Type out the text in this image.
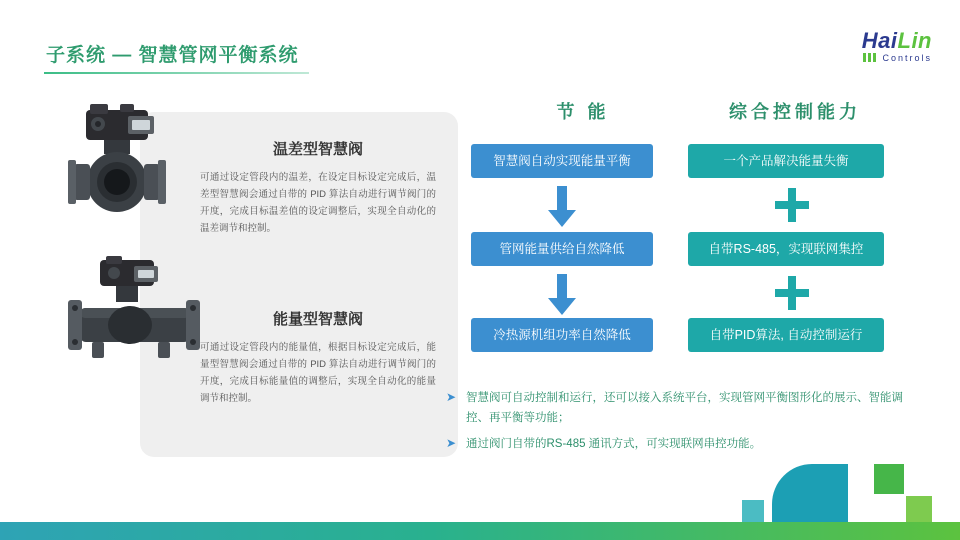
子系统 — 智慧管网平衡系统
HaiLin
Controls
温差型智慧阀
可通过设定管段内的温差，在设定目标设定完成后，温差型智慧阀会通过自带的 PID 算法自动进行调节阀门的开度，完成目标温差值的设定调整后，实现全自动化的温差调节和控制。
能量型智慧阀
可通过设定管段内的能量值，根据目标设定完成后，能量型智慧阀会通过自带的 PID 算法自动进行调节阀门的开度，完成目标能量值的调整后，实现全自动化的能量调节和控制。
节 能	综合控制能力
智慧阀自动实现能量平衡
管网能量供给自然降低
冷热源机组功率自然降低
一个产品解决能量失衡
自带RS-485，实现联网集控
自带PID算法, 自动控制运行
➤ 智慧阀可自动控制和运行，还可以接入系统平台，实现管网平衡图形化的展示、智能调控、再平衡等功能；
➤ 通过阀门自带的RS-485 通讯方式，可实现联网串控功能。
